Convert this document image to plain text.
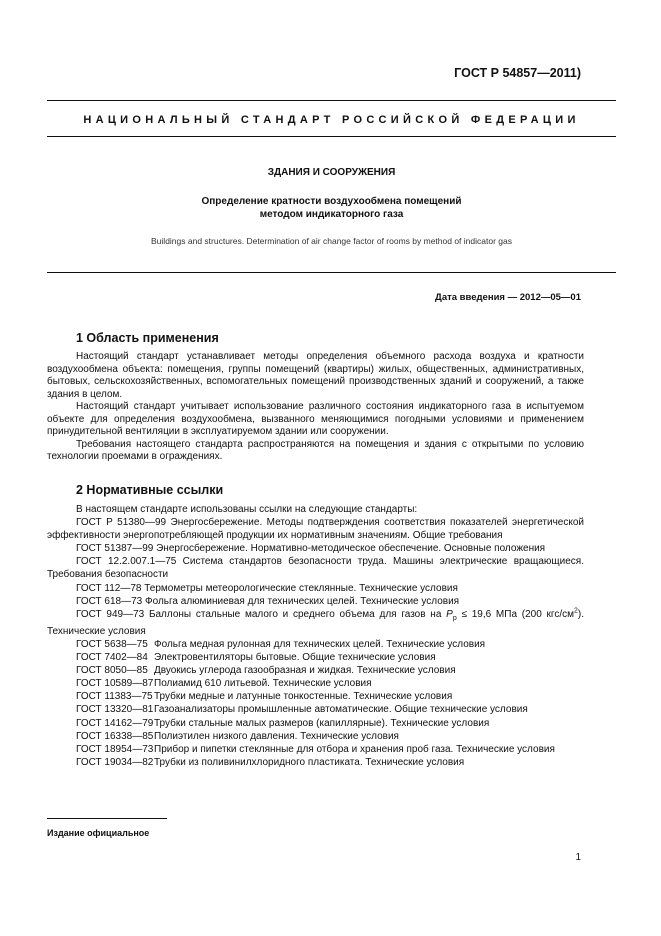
ГОСТ Р 54857—2011)
НАЦИОНАЛЬНЫЙ СТАНДАРТ РОССИЙСКОЙ ФЕДЕРАЦИИ
ЗДАНИЯ И СООРУЖЕНИЯ
Определение кратности воздухообмена помещений
методом индикаторного газа
Buildings and structures. Determination of air change factor of rooms by method of indicator gas
Дата введения — 2012—05—01
1 Область применения

Настоящий стандарт устанавливает методы определения объемного расхода воздуха и кратности воздухообмена объекта: помещения, группы помещений (квартиры) жилых, общественных, административных, бытовых, сельскохозяйственных, вспомогательных помещений производственных зданий и сооружений, а также здания в целом.

Настоящий стандарт учитывает использование различного состояния индикаторного газа в испытуемом объекте для определения воздухообмена, вызванного меняющимися погодными условиями и применением принудительной вентиляции в эксплуатируемом здании или сооружении.

Требования настоящего стандарта распространяются на помещения и здания с открытыми по условию технологии проемами в ограждениях.

2 Нормативные ссылки

В настоящем стандарте использованы ссылки на следующие стандарты:

ГОСТ Р 51380—99 Энергосбережение. Методы подтверждения соответствия показателей энергетической эффективности энергопотребляющей продукции их нормативным значениям. Общие требования

ГОСТ 51387—99 Энергосбережение. Нормативно-методическое обеспечение. Основные положения

ГОСТ 12.2.007.1—75 Система стандартов безопасности труда. Машины электрические вращающиеся. Требования безопасности

ГОСТ 112—78 Термометры метеорологические стеклянные. Технические условия

ГОСТ 618—73 Фольга алюминиевая для технических целей. Технические условия

ГОСТ 949—73 Баллоны стальные малого и среднего объема для газов на $P_p \le 19,6$ МПа (200 кгс/$см^2$). Технические условия

ГОСТ 5638—75 Фольга медная рулонная для технических целей. Технические условия

ГОСТ 7402—84 Электровентиляторы бытовые. Общие технические условия

ГОСТ 8050—85 Двуокись углерода газообразная и жидкая. Технические условия

ГОСТ 10589—87Полиамид 610 литьевой. Технические условия

ГОСТ 11383—75Трубки медные и латунные тонкостенные. Технические условия

ГОСТ 13320—81Газоанализаторы промышленные автоматические. Общие технические условия

ГОСТ 14162—79Трубки стальные малых размеров (капиллярные). Технические условия

ГОСТ 16338—85Полиэтилен низкого давления. Технические условия

ГОСТ 18954—73Прибор и пипетки стеклянные для отбора и хранения проб газа. Технические условия

ГОСТ 19034—82Трубки из поливинилхлоридного пластиката. Технические условия

Издание официальное
1
